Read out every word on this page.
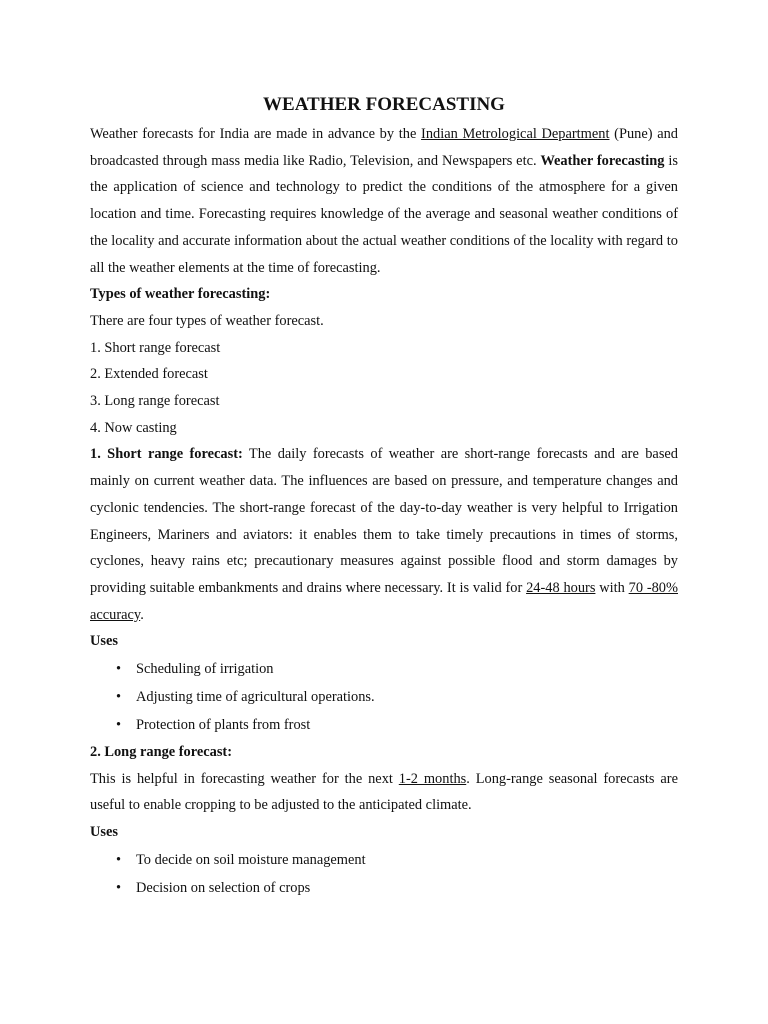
WEATHER FORECASTING

Weather forecasts for India are made in advance by the Indian Metrological Department (Pune) and broadcasted through mass media like Radio, Television, and Newspapers etc. Weather forecasting is the application of science and technology to predict the conditions of the atmosphere for a given location and time. Forecasting requires knowledge of the average and seasonal weather conditions of the locality and accurate information about the actual weather conditions of the locality with regard to all the weather elements at the time of forecasting.

Types of weather forecasting:

There are four types of weather forecast.

1. Short range forecast

2. Extended forecast

3. Long range forecast

4. Now casting

1. Short range forecast: The daily forecasts of weather are short-range forecasts and are based mainly on current weather data. The influences are based on pressure, and temperature changes and cyclonic tendencies. The short-range forecast of the day-to-day weather is very helpful to Irrigation Engineers, Mariners and aviators: it enables them to take timely precautions in times of storms, cyclones, heavy rains etc; precautionary measures against possible flood and storm damages by providing suitable embankments and drains where necessary. It is valid for 24-48 hours with 70 -80% accuracy.

Uses

• Scheduling of irrigation
• Adjusting time of agricultural operations.
• Protection of plants from frost

2. Long range forecast:

This is helpful in forecasting weather for the next 1-2 months. Long-range seasonal forecasts are useful to enable cropping to be adjusted to the anticipated climate.

Uses

• To decide on soil moisture management
• Decision on selection of crops
